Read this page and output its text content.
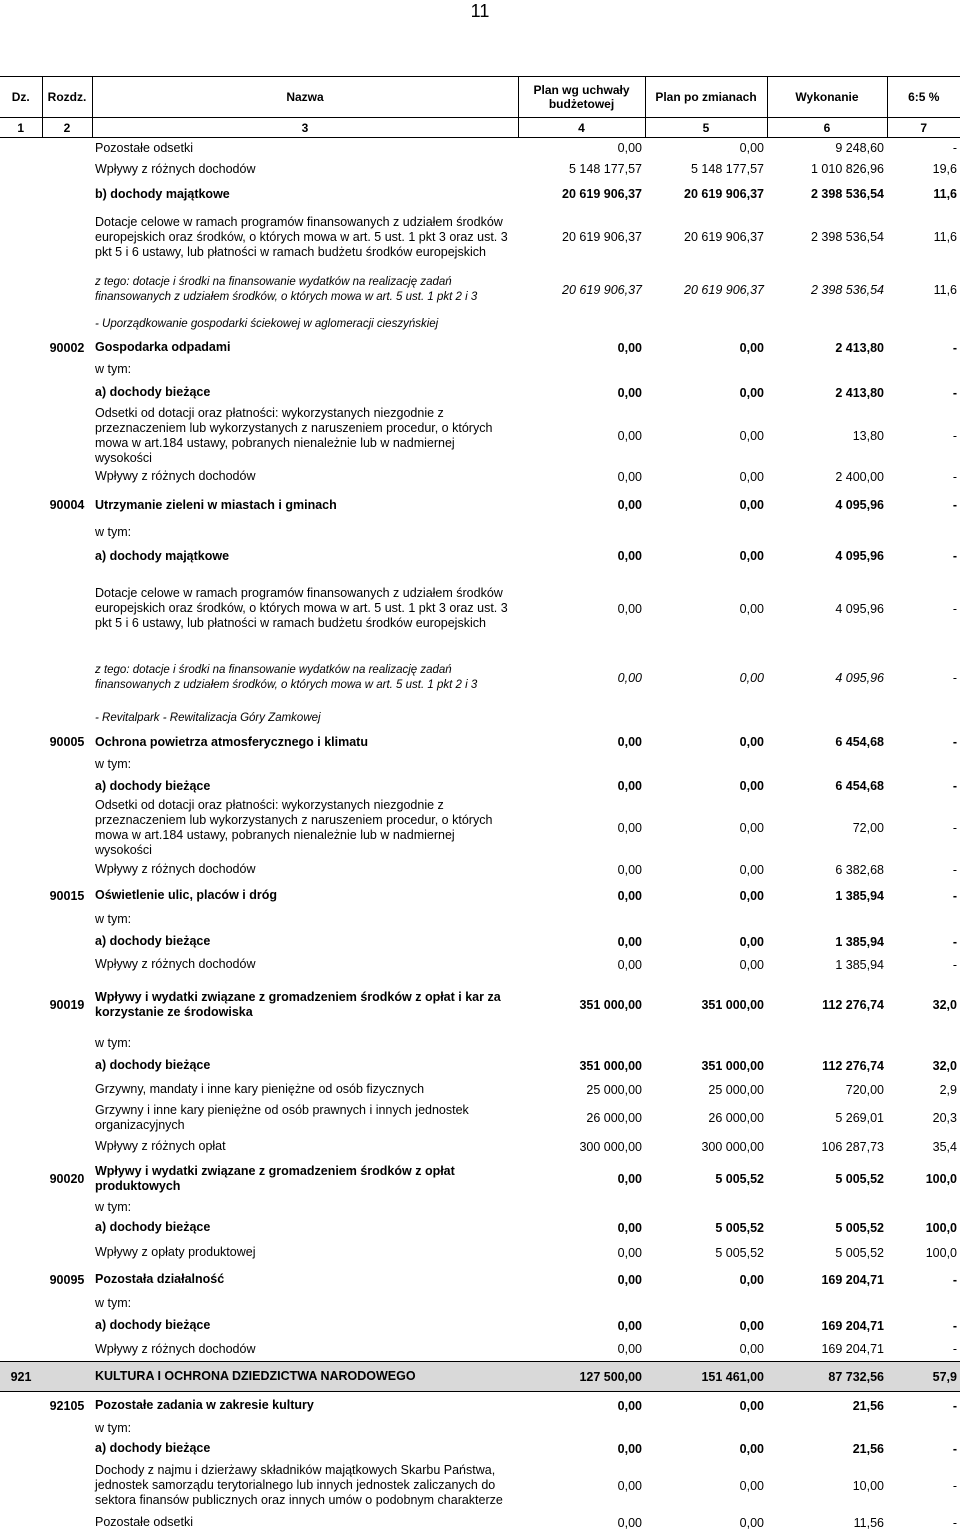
11
Dz.	Rozdz.	Nazwa	Plan wg uchwały budżetowej	Plan po zmianach	Wykonanie	6:5 %
1	2	3	4	5	6	7
		Pozostałe odsetki	0,00	0,00	9 248,60	-
		Wpływy z różnych dochodów	5 148 177,57	5 148 177,57	1 010 826,96	19,6
		b) dochody majątkowe	20 619 906,37	20 619 906,37	2 398 536,54	11,6
		Dotacje celowe w ramach programów finansowanych z udziałem środków europejskich oraz środków, o których mowa w art. 5 ust. 1 pkt 3 oraz ust. 3 pkt 5 i 6 ustawy, lub płatności w ramach budżetu środków europejskich	20 619 906,37	20 619 906,37	2 398 536,54	11,6
		z tego: dotacje i środki na finansowanie wydatków na realizację zadań finansowanych z udziałem środków, o których mowa w art. 5 ust. 1 pkt 2 i 3	20 619 906,37	20 619 906,37	2 398 536,54	11,6
		- Uporządkowanie gospodarki ściekowej w aglomeracji cieszyńskiej				
	90002	Gospodarka odpadami	0,00	0,00	2 413,80	-
		w tym:				
		a) dochody bieżące	0,00	0,00	2 413,80	-
		Odsetki od dotacji oraz płatności: wykorzystanych niezgodnie z przeznaczeniem lub wykorzystanych z naruszeniem procedur, o których mowa w art.184 ustawy, pobranych nienależnie lub w nadmiernej wysokości	0,00	0,00	13,80	-
		Wpływy z różnych dochodów	0,00	0,00	2 400,00	-
	90004	Utrzymanie zieleni w miastach i gminach	0,00	0,00	4 095,96	-
		w tym:				
		a) dochody majątkowe	0,00	0,00	4 095,96	-
		Dotacje celowe w ramach programów finansowanych z udziałem środków europejskich oraz środków, o których mowa w art. 5 ust. 1 pkt 3 oraz ust. 3 pkt 5 i 6 ustawy, lub płatności w ramach budżetu środków europejskich	0,00	0,00	4 095,96	-
		z tego: dotacje i środki na finansowanie wydatków na realizację zadań finansowanych z udziałem środków, o których mowa w art. 5 ust. 1 pkt 2 i 3	0,00	0,00	4 095,96	-
		- Revitalpark - Rewitalizacja Góry Zamkowej				
	90005	Ochrona powietrza atmosferycznego i klimatu	0,00	0,00	6 454,68	-
		w tym:				
		a) dochody bieżące	0,00	0,00	6 454,68	-
		Odsetki od dotacji oraz płatności: wykorzystanych niezgodnie z przeznaczeniem lub wykorzystanych z naruszeniem procedur, o których mowa w art.184 ustawy, pobranych nienależnie lub w nadmiernej wysokości	0,00	0,00	72,00	-
		Wpływy z różnych dochodów	0,00	0,00	6 382,68	-
	90015	Oświetlenie ulic, placów i dróg	0,00	0,00	1 385,94	-
		w tym:				
		a) dochody bieżące	0,00	0,00	1 385,94	-
		Wpływy z różnych dochodów	0,00	0,00	1 385,94	-
	90019	Wpływy i wydatki związane z gromadzeniem środków z opłat i kar za korzystanie ze środowiska	351 000,00	351 000,00	112 276,74	32,0
		w tym:				
		a) dochody bieżące	351 000,00	351 000,00	112 276,74	32,0
		Grzywny, mandaty i inne kary pieniężne od osób fizycznych	25 000,00	25 000,00	720,00	2,9
		Grzywny i inne kary pieniężne od osób prawnych i innych jednostek organizacyjnych	26 000,00	26 000,00	5 269,01	20,3
		Wpływy z różnych opłat	300 000,00	300 000,00	106 287,73	35,4
	90020	Wpływy i wydatki związane z gromadzeniem środków z opłat produktowych	0,00	5 005,52	5 005,52	100,0
		w tym:				
		a) dochody bieżące	0,00	5 005,52	5 005,52	100,0
		Wpływy z opłaty produktowej	0,00	5 005,52	5 005,52	100,0
	90095	Pozostała działalność	0,00	0,00	169 204,71	-
		w tym:				
		a) dochody bieżące	0,00	0,00	169 204,71	-
		Wpływy z różnych dochodów	0,00	0,00	169 204,71	-
921		KULTURA I OCHRONA DZIEDZICTWA NARODOWEGO	127 500,00	151 461,00	87 732,56	57,9
	92105	Pozostałe zadania w zakresie kultury	0,00	0,00	21,56	-
		w tym:				
		a) dochody bieżące	0,00	0,00	21,56	-
		Dochody z najmu i dzierżawy składników majątkowych Skarbu Państwa, jednostek samorządu terytorialnego lub innych jednostek zaliczanych do sektora finansów publicznych oraz innych umów o podobnym charakterze	0,00	0,00	10,00	-
		Pozostałe odsetki	0,00	0,00	11,56	-
